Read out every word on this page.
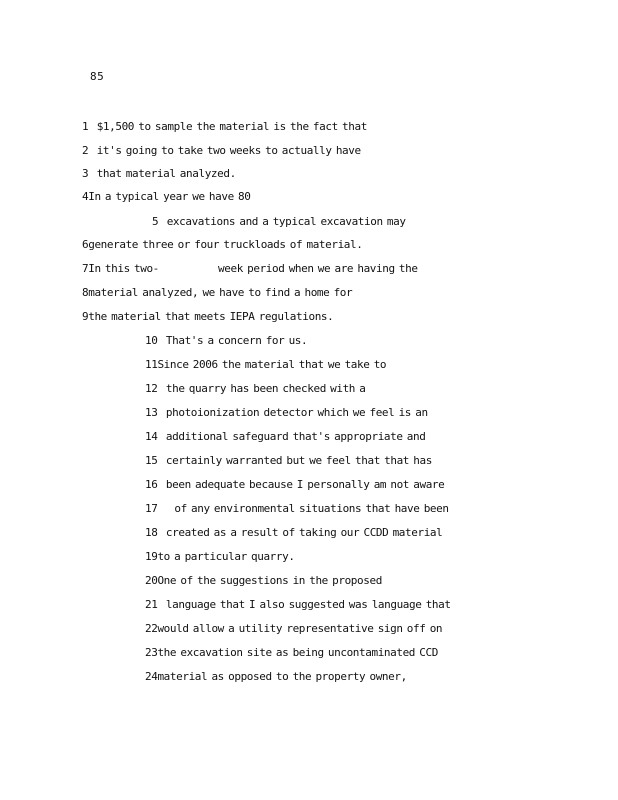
85
1 $1,500 to sample the material is the fact that
2 it's going to take two weeks to actually have
3 that material analyzed.
4In a typical year we have 80
5 excavations and a typical excavation may
6generate three or four truckloads of material.
7In this two-              week period when we are having the
8material analyzed, we have to find a home for
9the material that meets IEPA regulations.
10 That's a concern for us.
11Since 2006 the material that we take to
12 the quarry has been checked with a
13 photoionization detector which we feel is an
14 additional safeguard that's appropriate and
15 certainly warranted but we feel that that has
16 been adequate because I personally am not aware
17 of any environmental situations that have been
18 created as a result of taking our CCDD material
19to a particular quarry.
20One of the suggestions in the proposed
21 language that I also suggested was language that
22would allow a utility representative sign off on
23the excavation site as being uncontaminated CCD
24material as opposed to the property owner,
